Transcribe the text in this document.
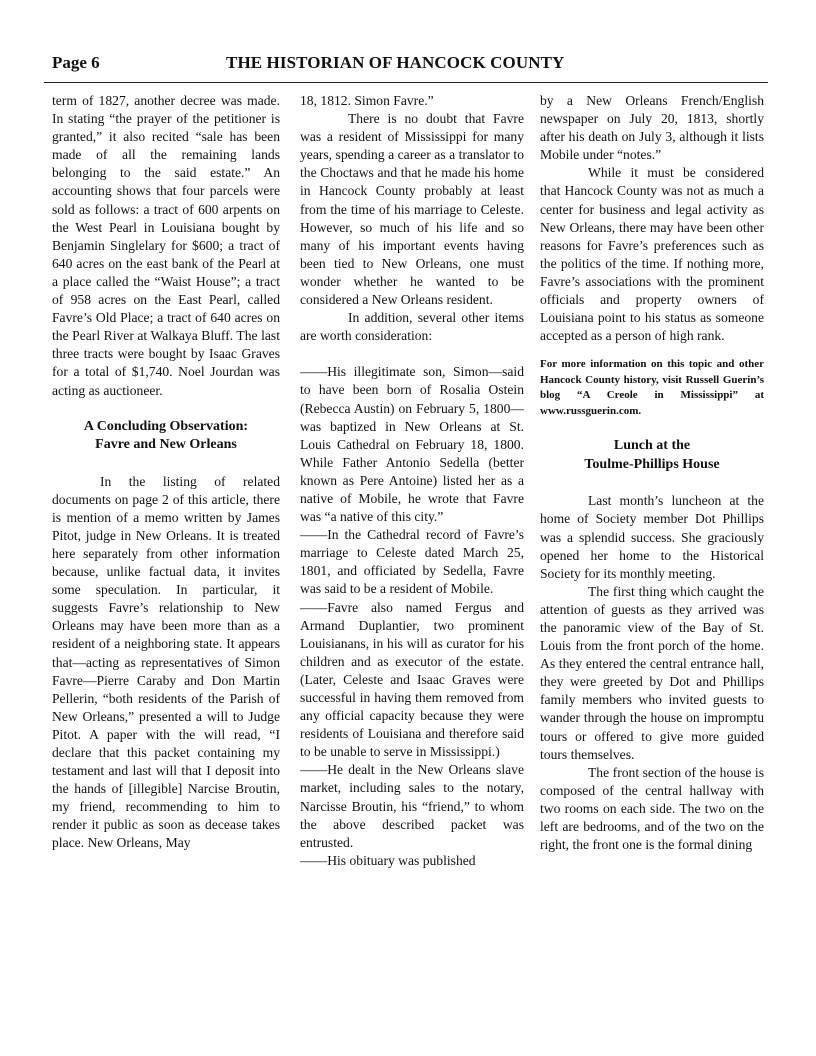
Page 6	THE HISTORIAN OF HANCOCK COUNTY

term of 1827, another decree was made. In stating “the prayer of the petitioner is granted,” it also recited “sale has been made of all the remaining lands belonging to the said estate.” An accounting shows that four parcels were sold as follows: a tract of 600 arpents on the West Pearl in Louisiana bought by Benjamin Singlelary for $600; a tract of 640 acres on the east bank of the Pearl at a place called the “Waist House”; a tract of 958 acres on the East Pearl, called Favre’s Old Place; a tract of 640 acres on the Pearl River at Walkaya Bluff. The last three tracts were bought by Isaac Graves for a total of $1,740. Noel Jourdan was acting as auctioneer.

A Concluding Observation:
Favre and New Orleans

In the listing of related documents on page 2 of this article, there is mention of a memo written by James Pitot, judge in New Orleans. It is treated here separately from other information because, unlike factual data, it invites some speculation. In particular, it suggests Favre’s relationship to New Orleans may have been more than as a resident of a neighboring state. It appears that—acting as representatives of Simon Favre—Pierre Caraby and Don Martin Pellerin, “both residents of the Parish of New Orleans,” presented a will to Judge Pitot. A paper with the will read, “I declare that this packet containing my testament and last will that I deposit into the hands of [illegible] Narcise Broutin, my friend, recommending to him to render it public as soon as decease takes place. New Orleans, May

18, 1812. Simon Favre.”

There is no doubt that Favre was a resident of Mississippi for many years, spending a career as a translator to the Choctaws and that he made his home in Hancock County probably at least from the time of his marriage to Celeste. However, so much of his life and so many of his important events having been tied to New Orleans, one must wonder whether he wanted to be considered a New Orleans resident.

In addition, several other items are worth consideration:

——His illegitimate son, Simon—said to have been born of Rosalia Ostein (Rebecca Austin) on February 5, 1800—was baptized in New Orleans at St. Louis Cathedral on February 18, 1800. While Father Antonio Sedella (better known as Pere Antoine) listed her as a native of Mobile, he wrote that Favre was “a native of this city.”

——In the Cathedral record of Favre’s marriage to Celeste dated March 25, 1801, and officiated by Sedella, Favre was said to be a resident of Mobile.

——Favre also named Fergus and Armand Duplantier, two prominent Louisianans, in his will as curator for his children and as executor of the estate. (Later, Celeste and Isaac Graves were successful in having them removed from any official capacity because they were residents of Louisiana and therefore said to be unable to serve in Mississippi.)

——He dealt in the New Orleans slave market, including sales to the notary, Narcisse Broutin, his “friend,” to whom the above described packet was entrusted.

——His obituary was published

by a New Orleans French/English newspaper on July 20, 1813, shortly after his death on July 3, although it lists Mobile under “notes.”

While it must be considered that Hancock County was not as much a center for business and legal activity as New Orleans, there may have been other reasons for Favre’s preferences such as the politics of the time. If nothing more, Favre’s associations with the prominent officials and property owners of Louisiana point to his status as someone accepted as a person of high rank.

For more information on this topic and other Hancock County history, visit Russell Guerin’s blog “A Creole in Mississippi” at www.russguerin.com.

Lunch at the
Toulme-Phillips House

Last month’s luncheon at the home of Society member Dot Phillips was a splendid success. She graciously opened her home to the Historical Society for its monthly meeting.

The first thing which caught the attention of guests as they arrived was the panoramic view of the Bay of St. Louis from the front porch of the home. As they entered the central entrance hall, they were greeted by Dot and Phillips family members who invited guests to wander through the house on impromptu tours or offered to give more guided tours themselves.

The front section of the house is composed of the central hallway with two rooms on each side. The two on the left are bedrooms, and of the two on the right, the front one is the formal dining
